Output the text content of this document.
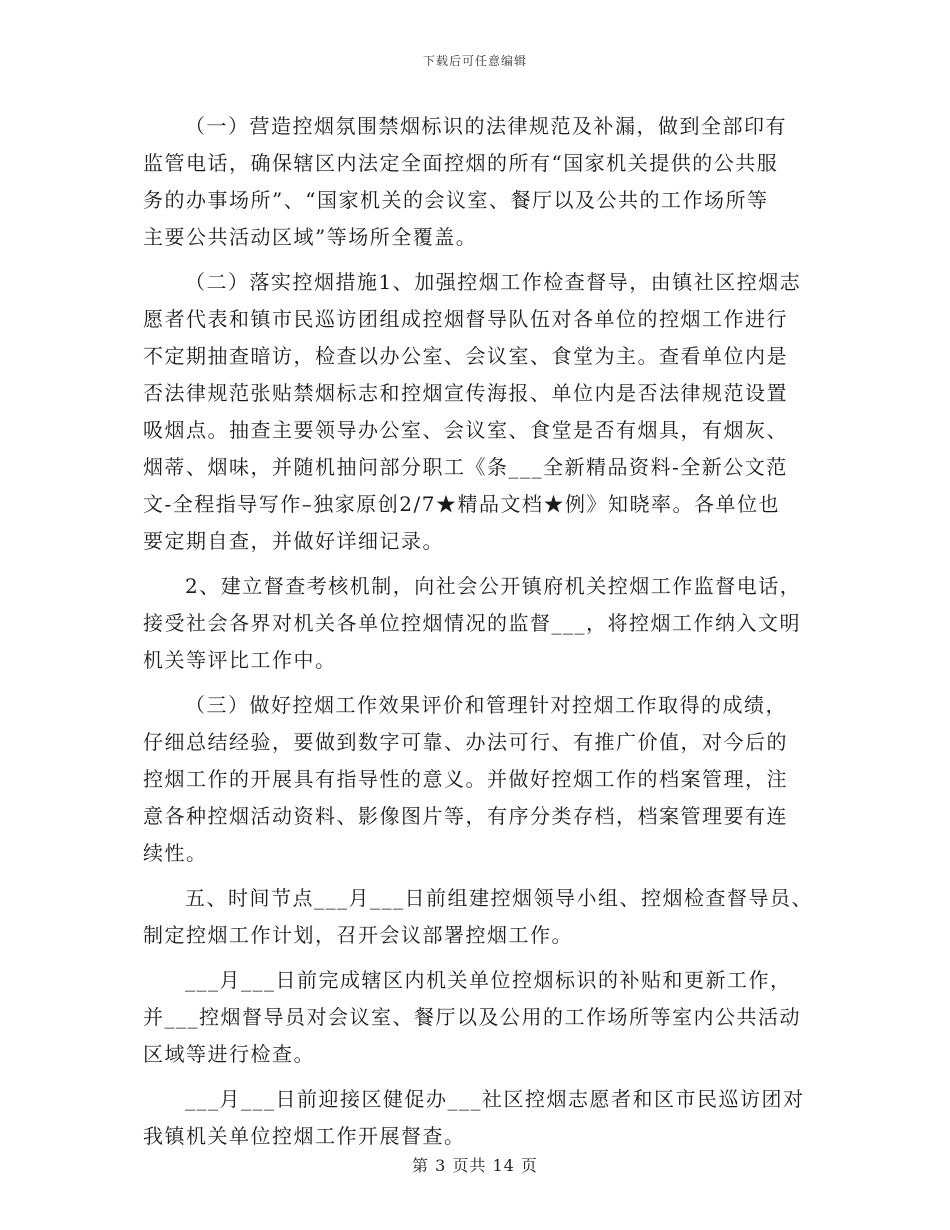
下载后可任意编辑
（一）营造控烟氛围禁烟标识的法律规范及补漏，做到全部印有
监管电话，确保辖区内法定全面控烟的所有“国家机关提供的公共服
务的办事场所”、“国家机关的会议室、餐厅以及公共的工作场所等
主要公共活动区域”等场所全覆盖。
（二）落实控烟措施1、加强控烟工作检查督导，由镇社区控烟志
愿者代表和镇市民巡访团组成控烟督导队伍对各单位的控烟工作进行
不定期抽查暗访，检查以办公室、会议室、食堂为主。查看单位内是
否法律规范张贴禁烟标志和控烟宣传海报、单位内是否法律规范设置
吸烟点。抽查主要领导办公室、会议室、食堂是否有烟具，有烟灰、
烟蒂、烟味，并随机抽问部分职工《条___全新精品资料-全新公文范
文-全程指导写作–独家原创2/7★精品文档★例》知晓率。各单位也
要定期自查，并做好详细记录。
2、建立督查考核机制，向社会公开镇府机关控烟工作监督电话，
接受社会各界对机关各单位控烟情况的监督___，将控烟工作纳入文明
机关等评比工作中。
（三）做好控烟工作效果评价和管理针对控烟工作取得的成绩，
仔细总结经验，要做到数字可靠、办法可行、有推广价值，对今后的
控烟工作的开展具有指导性的意义。并做好控烟工作的档案管理，注
意各种控烟活动资料、影像图片等，有序分类存档，档案管理要有连
续性。
五、时间节点___月___日前组建控烟领导小组、控烟检查督导员、
制定控烟工作计划，召开会议部署控烟工作。
___月___日前完成辖区内机关单位控烟标识的补贴和更新工作，
并___控烟督导员对会议室、餐厅以及公用的工作场所等室内公共活动
区域等进行检查。
___月___日前迎接区健促办___社区控烟志愿者和区市民巡访团对
我镇机关单位控烟工作开展督查。
第 3 页共 14 页
